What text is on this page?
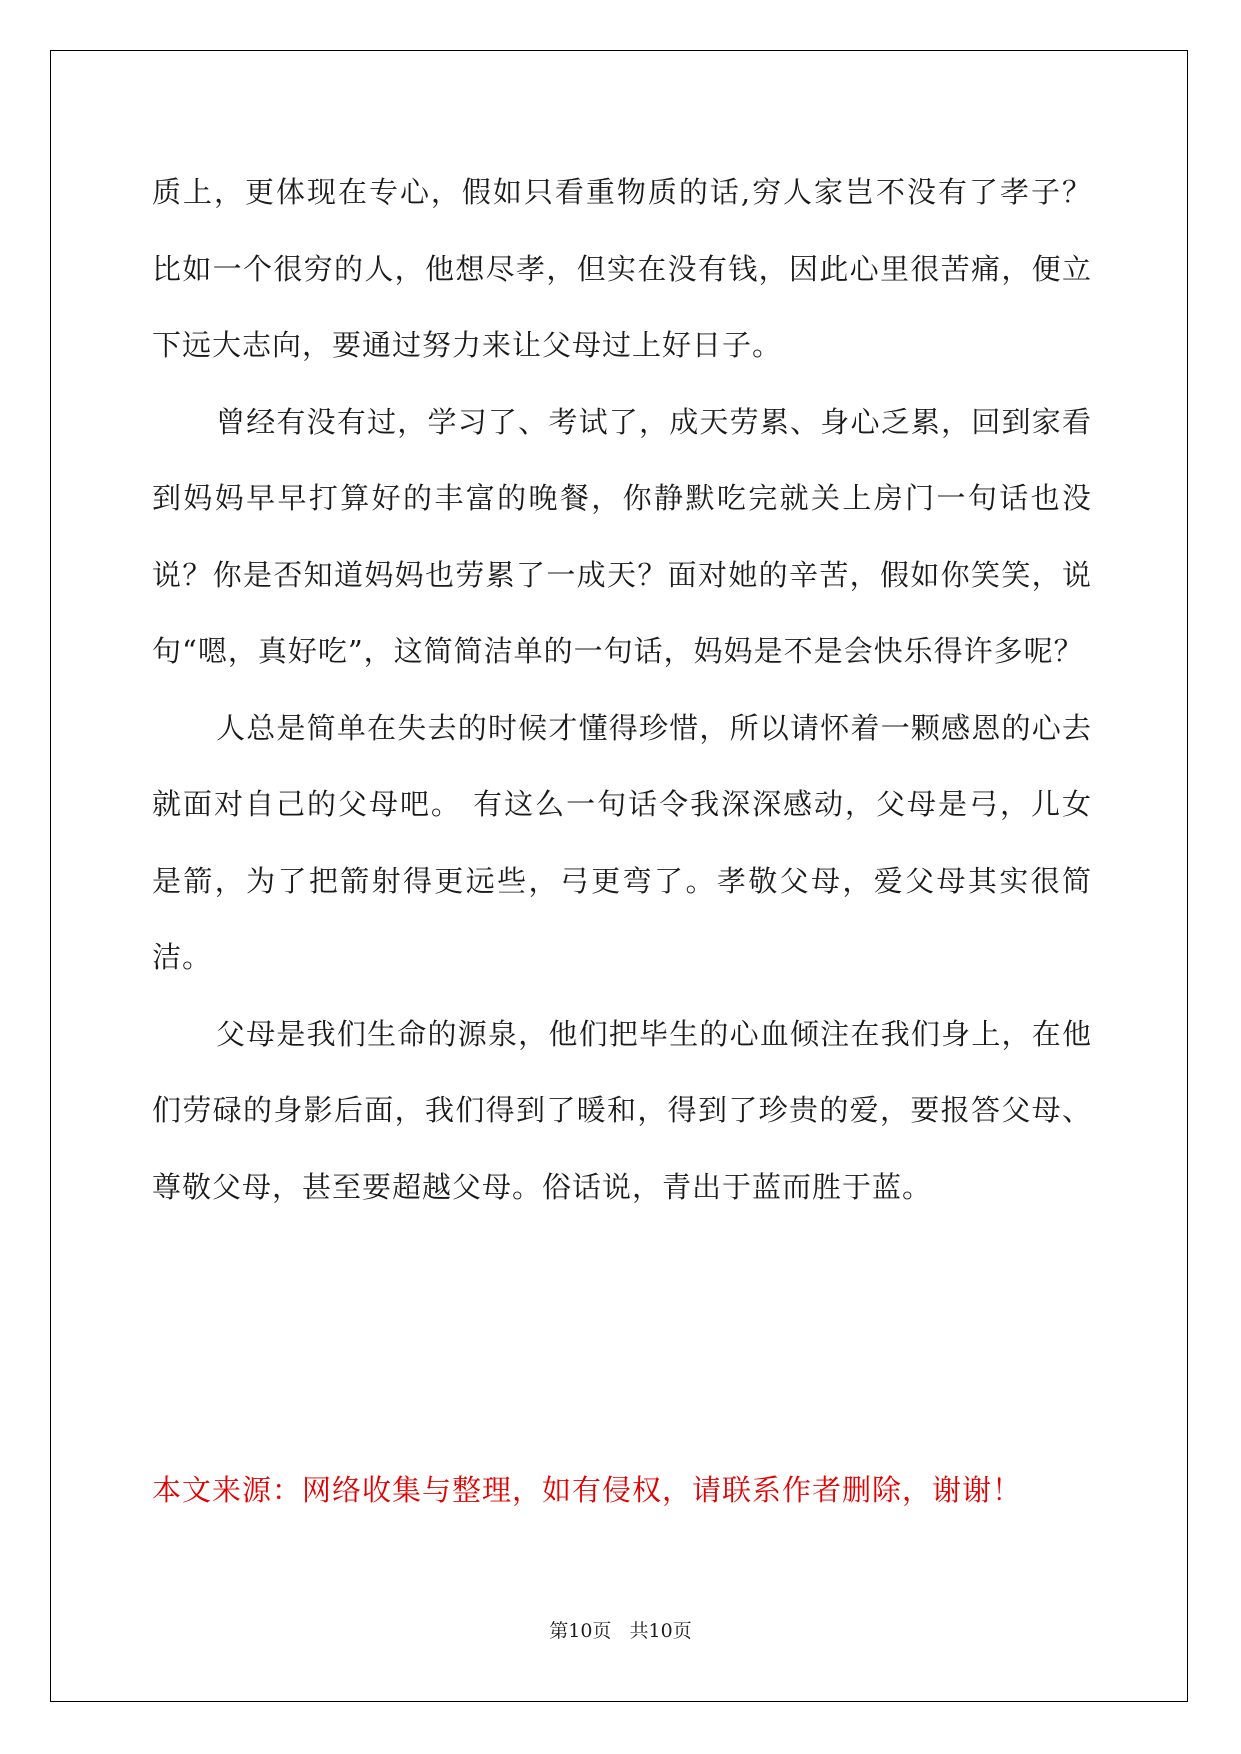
质上，更体现在专心，假如只看重物质的话,穷人家岂不没有了孝子？比如一个很穷的人，他想尽孝，但实在没有钱，因此心里很苦痛，便立下远大志向，要通过努力来让父母过上好日子。

曾经有没有过，学习了、考试了，成天劳累、身心乏累，回到家看到妈妈早早打算好的丰富的晚餐，你静默吃完就关上房门一句话也没说？你是否知道妈妈也劳累了一成天？面对她的辛苦，假如你笑笑，说句“嗯，真好吃”，这简简洁单的一句话，妈妈是不是会快乐得许多呢？

人总是简单在失去的时候才懂得珍惜，所以请怀着一颗感恩的心去就面对自己的父母吧。 有这么一句话令我深深感动，父母是弓，儿女是箭，为了把箭射得更远些，弓更弯了。孝敬父母，爱父母其实很简洁。

父母是我们生命的源泉，他们把毕生的心血倾注在我们身上，在他们劳碌的身影后面，我们得到了暖和，得到了珍贵的爱，要报答父母、尊敬父母，甚至要超越父母。俗话说，青出于蓝而胜于蓝。

本文来源：网络收集与整理，如有侵权，请联系作者删除，谢谢！
第10页   共10页
